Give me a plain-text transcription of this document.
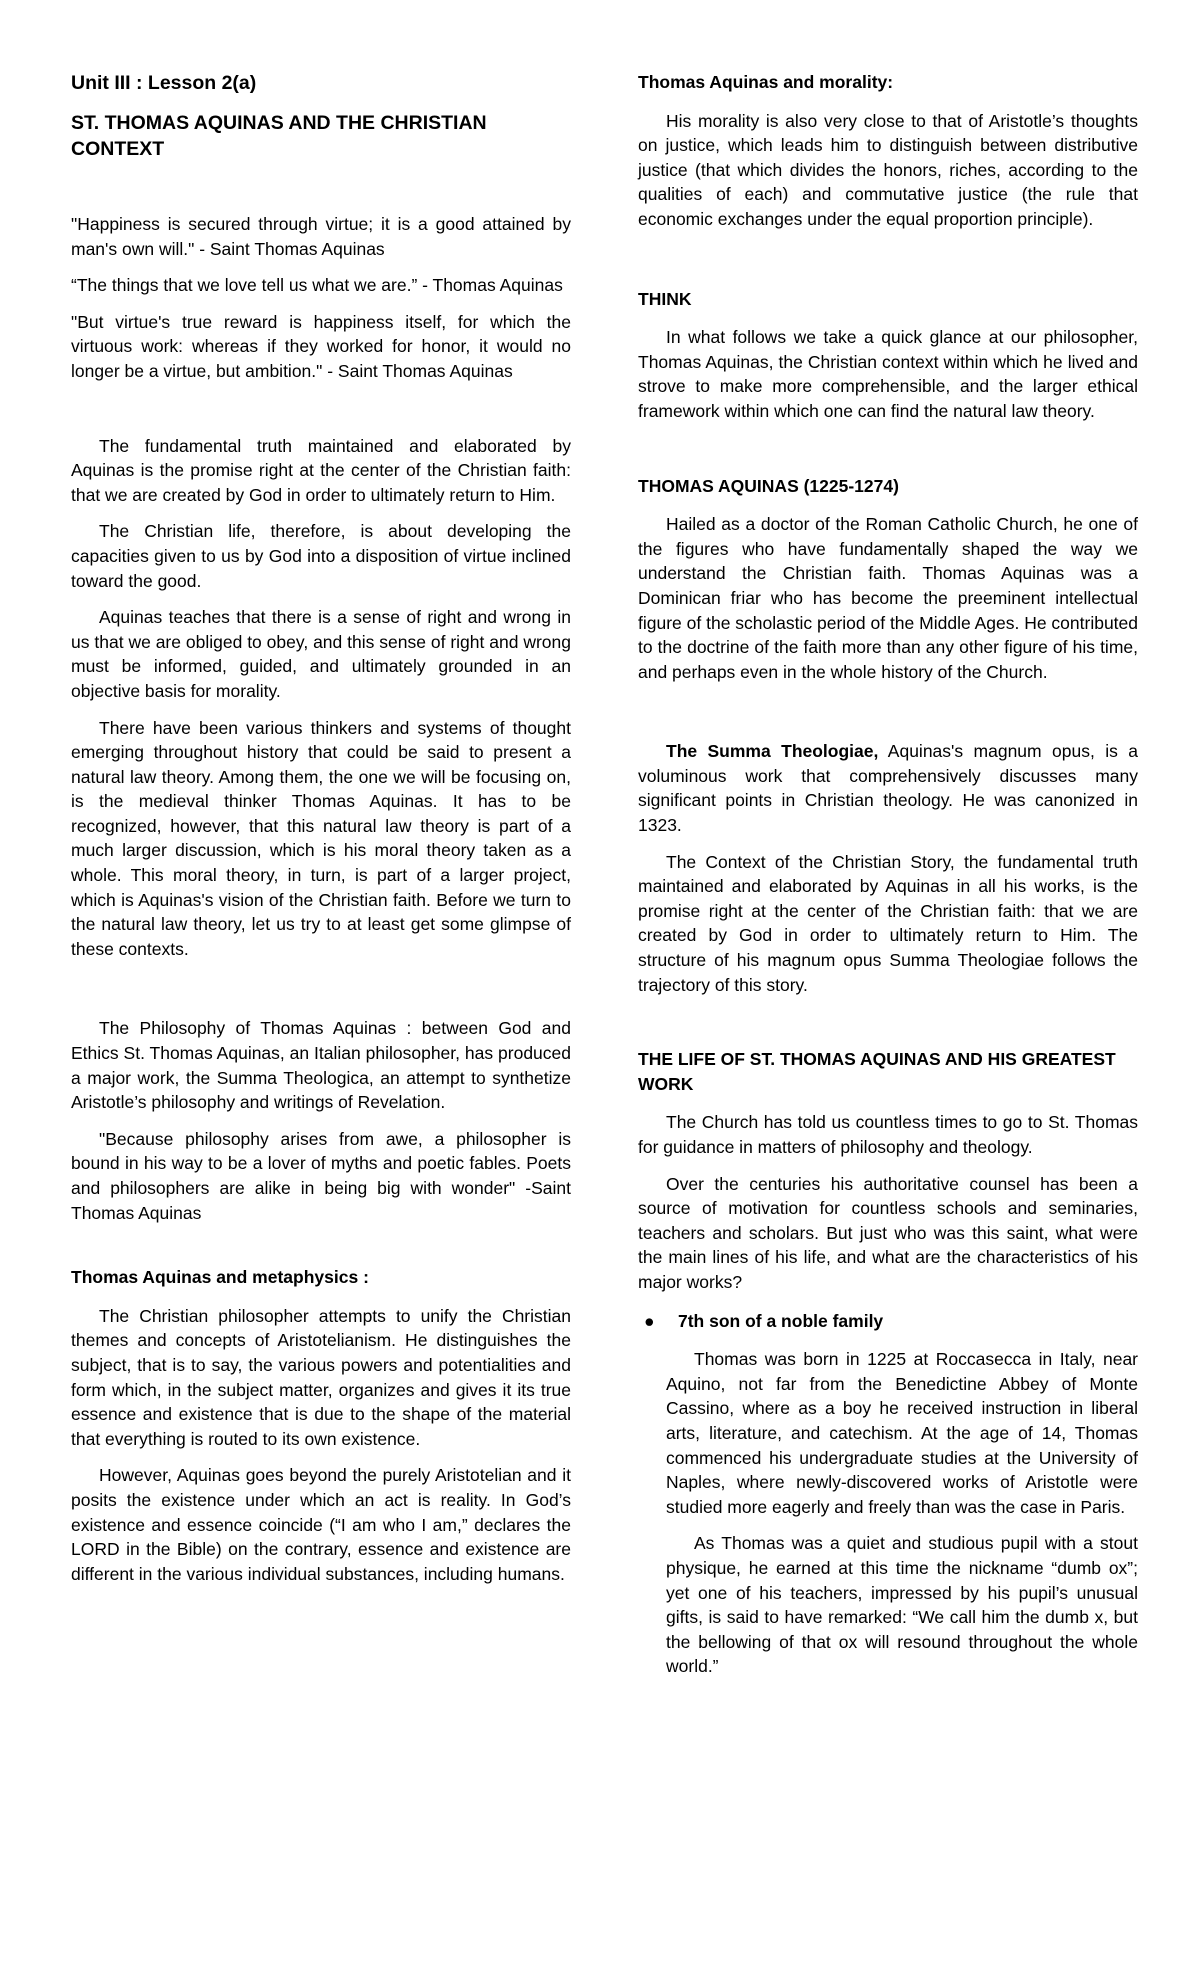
Unit III : Lesson 2(a)
ST. THOMAS AQUINAS AND THE CHRISTIAN CONTEXT

"Happiness is secured through virtue; it is a good attained by man's own will." - Saint Thomas Aquinas

“The things that we love tell us what we are.” - Thomas Aquinas

"But virtue's true reward is happiness itself, for which the virtuous work: whereas if they worked for honor, it would no longer be a virtue, but ambition." - Saint Thomas Aquinas

The fundamental truth maintained and elaborated by Aquinas is the promise right at the center of the Christian faith: that we are created by God in order to ultimately return to Him.

The Christian life, therefore, is about developing the capacities given to us by God into a disposition of virtue inclined toward the good.

Aquinas teaches that there is a sense of right and wrong in us that we are obliged to obey, and this sense of right and wrong must be informed, guided, and ultimately grounded in an objective basis for morality.

There have been various thinkers and systems of thought emerging throughout history that could be said to present a natural law theory. Among them, the one we will be focusing on, is the medieval thinker Thomas Aquinas. It has to be recognized, however, that this natural law theory is part of a much larger discussion, which is his moral theory taken as a whole. This moral theory, in turn, is part of a larger project, which is Aquinas's vision of the Christian faith. Before we turn to the natural law theory, let us try to at least get some glimpse of these contexts.

The Philosophy of Thomas Aquinas : between God and Ethics St. Thomas Aquinas, an Italian philosopher, has produced a major work, the Summa Theologica, an attempt to synthetize Aristotle’s philosophy and writings of Revelation.

"Because philosophy arises from awe, a philosopher is bound in his way to be a lover of myths and poetic fables. Poets and philosophers are alike in being big with wonder" -Saint Thomas Aquinas

Thomas Aquinas and metaphysics :

The Christian philosopher attempts to unify the Christian themes and concepts of Aristotelianism. He distinguishes the subject, that is to say, the various powers and potentialities and form which, in the subject matter, organizes and gives it its true essence and existence that is due to the shape of the material that everything is routed to its own existence.

However, Aquinas goes beyond the purely Aristotelian and it posits the existence under which an act is reality. In God’s existence and essence coincide (“I am who I am,” declares the LORD in the Bible) on the contrary, essence and existence are different in the various individual substances, including humans.

Thomas Aquinas and morality:

His morality is also very close to that of Aristotle’s thoughts on justice, which leads him to distinguish between distributive justice (that which divides the honors, riches, according to the qualities of each) and commutative justice (the rule that economic exchanges under the equal proportion principle).

THINK

In what follows we take a quick glance at our philosopher, Thomas Aquinas, the Christian context within which he lived and strove to make more comprehensible, and the larger ethical framework within which one can find the natural law theory.

THOMAS AQUINAS (1225-1274)

Hailed as a doctor of the Roman Catholic Church, he one of the figures who have fundamentally shaped the way we understand the Christian faith. Thomas Aquinas was a Dominican friar who has become the preeminent intellectual figure of the scholastic period of the Middle Ages. He contributed to the doctrine of the faith more than any other figure of his time, and perhaps even in the whole history of the Church.

The Summa Theologiae, Aquinas's magnum opus, is a voluminous work that comprehensively discusses many significant points in Christian theology. He was canonized in 1323.

The Context of the Christian Story, the fundamental truth maintained and elaborated by Aquinas in all his works, is the promise right at the center of the Christian faith: that we are created by God in order to ultimately return to Him. The structure of his magnum opus Summa Theologiae follows the trajectory of this story.

THE LIFE OF ST. THOMAS AQUINAS AND HIS GREATEST WORK

The Church has told us countless times to go to St. Thomas for guidance in matters of philosophy and theology.

Over the centuries his authoritative counsel has been a source of motivation for countless schools and seminaries, teachers and scholars. But just who was this saint, what were the main lines of his life, and what are the characteristics of his major works?

●	7th son of a noble family

Thomas was born in 1225 at Roccasecca in Italy, near Aquino, not far from the Benedictine Abbey of Monte Cassino, where as a boy he received instruction in liberal arts, literature, and catechism. At the age of 14, Thomas commenced his undergraduate studies at the University of Naples, where newly-discovered works of Aristotle were studied more eagerly and freely than was the case in Paris.

As Thomas was a quiet and studious pupil with a stout physique, he earned at this time the nickname “dumb ox”; yet one of his teachers, impressed by his pupil’s unusual gifts, is said to have remarked: “We call him the dumb x, but the bellowing of that ox will resound throughout the whole world.”
